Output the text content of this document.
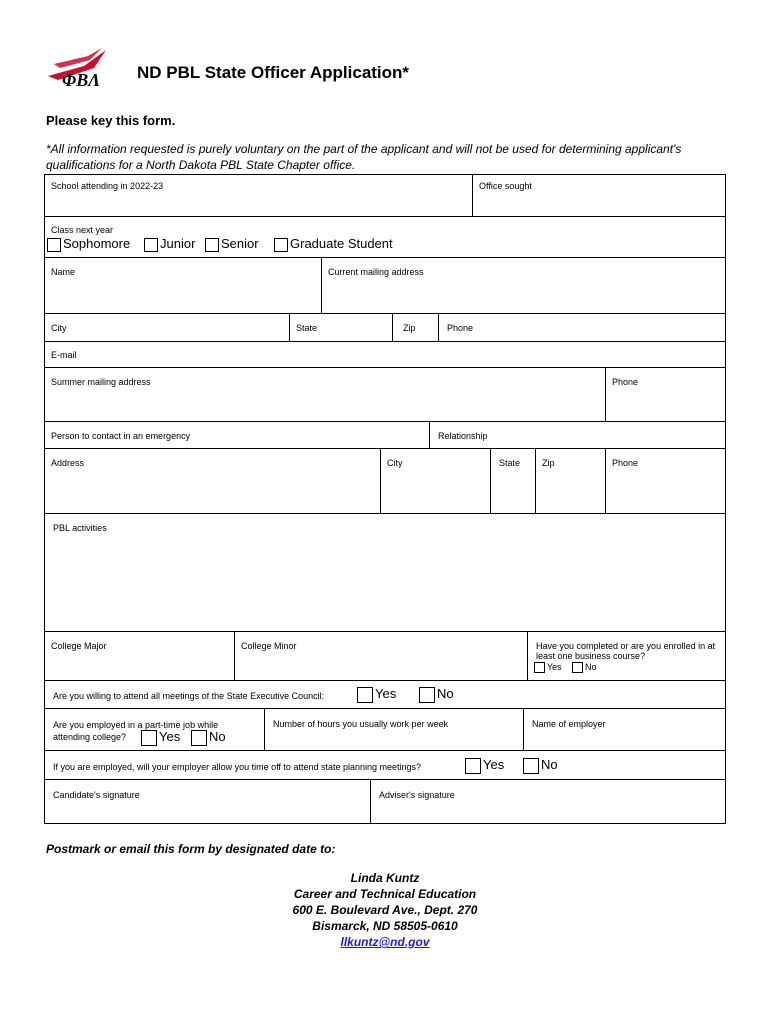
ΦΒΛ ND PBL State Officer Application*
Please key this form.
*All information requested is purely voluntary on the part of the applicant and will not be used for determining applicant's qualifications for a North Dakota PBL State Chapter office.
School attending in 2022-23	Office sought
Class next year
Sophomore	Junior	Senior	Graduate Student
Name	Current mailing address
City	State	Zip	Phone
E-mail
Summer mailing address	Phone
Person to contact in an emergency	Relationship
Address	City	State Zip	Phone
PBL activities
College Major	College Minor	Have you completed or are you enrolled in at least one business course?
Yes	No
Are you willing to attend all meetings of the State Executive Council:	Yes	No
Are you employed in a part-time job while attending college?	Yes	No
Number of hours you usually work per week	Name of employer
If you are employed, will your employer allow you time off to attend state planning meetings?	Yes	No
Candidate's signature	Adviser's signature
Postmark or email this form by designated date to:
Linda Kuntz
Career and Technical Education
600 E. Boulevard Ave., Dept. 270
Bismarck, ND 58505-0610
llkuntz@nd.gov
